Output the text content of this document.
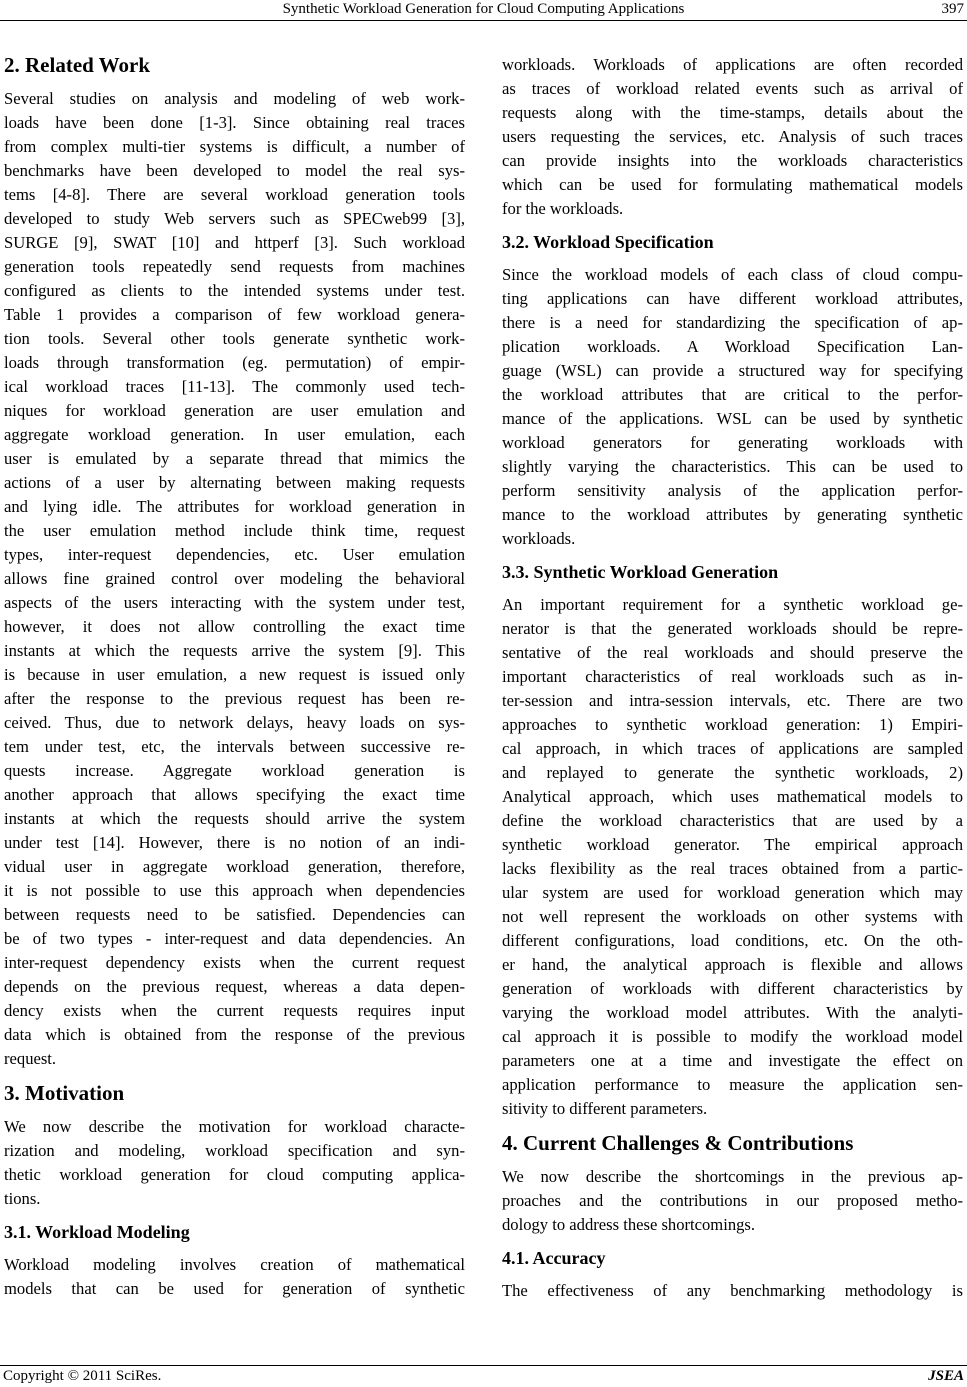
Synthetic Workload Generation for Cloud Computing Applications	397
2. Related Work

Several studies on analysis and modeling of web work-

loads have been done [1-3]. Since obtaining real traces

from complex multi-tier systems is difficult, a number of

benchmarks have been developed to model the real sys-

tems [4-8]. There are several workload generation tools

developed to study Web servers such as SPECweb99 [3],

SURGE [9], SWAT [10] and httperf [3]. Such workload

generation tools repeatedly send requests from machines

configured as clients to the intended systems under test.

Table 1 provides a comparison of few workload genera-

tion tools. Several other tools generate synthetic work-

loads through transformation (eg. permutation) of empir-

ical workload traces [11-13]. The commonly used tech-

niques for workload generation are user emulation and

aggregate workload generation. In user emulation, each

user is emulated by a separate thread that mimics the

actions of a user by alternating between making requests

and lying idle. The attributes for workload generation in

the user emulation method include think time, request

types, inter-request dependencies, etc. User emulation

allows fine grained control over modeling the behavioral

aspects of the users interacting with the system under test,

however, it does not allow controlling the exact time

instants at which the requests arrive the system [9]. This

is because in user emulation, a new request is issued only

after the response to the previous request has been re-

ceived. Thus, due to network delays, heavy loads on sys-

tem under test, etc, the intervals between successive re-

quests increase. Aggregate workload generation is

another approach that allows specifying the exact time

instants at which the requests should arrive the system

under test [14]. However, there is no notion of an indi-

vidual user in aggregate workload generation, therefore,

it is not possible to use this approach when dependencies

between requests need to be satisfied. Dependencies can

be of two types - inter-request and data dependencies. An

inter-request dependency exists when the current request

depends on the previous request, whereas a data depen-

dency exists when the current requests requires input

data which is obtained from the response of the previous

request.

3. Motivation

We now describe the motivation for workload characte-

rization and modeling, workload specification and syn-

thetic workload generation for cloud computing applica-

tions.

3.1. Workload Modeling

Workload modeling involves creation of mathematical

models that can be used for generation of synthetic

workloads. Workloads of applications are often recorded

as traces of workload related events such as arrival of

requests along with the time-stamps, details about the

users requesting the services, etc. Analysis of such traces

can provide insights into the workloads characteristics

which can be used for formulating mathematical models

for the workloads.

3.2. Workload Specification

Since the workload models of each class of cloud compu-

ting applications can have different workload attributes,

there is a need for standardizing the specification of ap-

plication workloads. A Workload Specification Lan-

guage (WSL) can provide a structured way for specifying

the workload attributes that are critical to the perfor-

mance of the applications. WSL can be used by synthetic

workload generators for generating workloads with

slightly varying the characteristics. This can be used to

perform sensitivity analysis of the application perfor-

mance to the workload attributes by generating synthetic

workloads.

3.3. Synthetic Workload Generation

An important requirement for a synthetic workload ge-

nerator is that the generated workloads should be repre-

sentative of the real workloads and should preserve the

important characteristics of real workloads such as in-

ter-session and intra-session intervals, etc. There are two

approaches to synthetic workload generation: 1) Empiri-

cal approach, in which traces of applications are sampled

and replayed to generate the synthetic workloads, 2)

Analytical approach, which uses mathematical models to

define the workload characteristics that are used by a

synthetic workload generator. The empirical approach

lacks flexibility as the real traces obtained from a partic-

ular system are used for workload generation which may

not well represent the workloads on other systems with

different configurations, load conditions, etc. On the oth-

er hand, the analytical approach is flexible and allows

generation of workloads with different characteristics by

varying the workload model attributes. With the analyti-

cal approach it is possible to modify the workload model

parameters one at a time and investigate the effect on

application performance to measure the application sen-

sitivity to different parameters.

4. Current Challenges & Contributions

We now describe the shortcomings in the previous ap-

proaches and the contributions in our proposed metho-

dology to address these shortcomings.

4.1. Accuracy

The effectiveness of any benchmarking methodology is

Copyright © 2011 SciRes.	JSEA
